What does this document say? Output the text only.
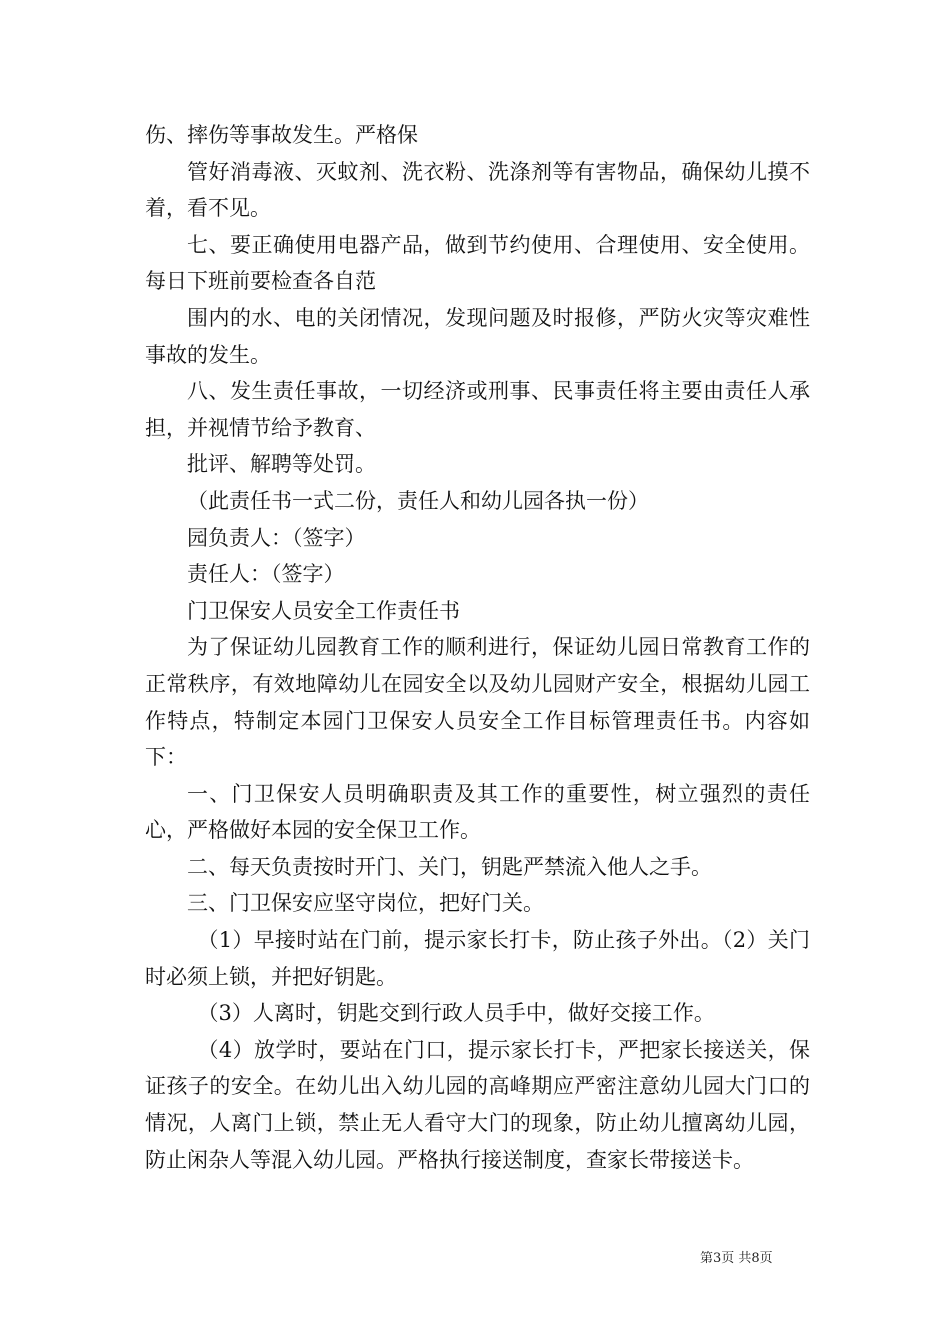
伤、摔伤等事故发生。严格保

管好消毒液、灭蚊剂、洗衣粉、洗涤剂等有害物品，确保幼儿摸不着，看不见。

七、要正确使用电器产品，做到节约使用、合理使用、安全使用。每日下班前要检查各自范

围内的水、电的关闭情况，发现问题及时报修，严防火灾等灾难性事故的发生。

八、发生责任事故，一切经济或刑事、民事责任将主要由责任人承担，并视情节给予教育、

批评、解聘等处罚。

（此责任书一式二份，责任人和幼儿园各执一份）

园负责人：（签字）

责任人：（签字）

门卫保安人员安全工作责任书

为了保证幼儿园教育工作的顺利进行，保证幼儿园日常教育工作的正常秩序，有效地障幼儿在园安全以及幼儿园财产安全，根据幼儿园工作特点，特制定本园门卫保安人员安全工作目标管理责任书。内容如下：

一、门卫保安人员明确职责及其工作的重要性，树立强烈的责任心，严格做好本园的安全保卫工作。

二、每天负责按时开门、关门，钥匙严禁流入他人之手。

三、门卫保安应坚守岗位，把好门关。

（1）早接时站在门前，提示家长打卡，防止孩子外出。（2）关门时必须上锁，并把好钥匙。

（3）人离时，钥匙交到行政人员手中，做好交接工作。

（4）放学时，要站在门口，提示家长打卡，严把家长接送关，保证孩子的安全。在幼儿出入幼儿园的高峰期应严密注意幼儿园大门口的情况，人离门上锁，禁止无人看守大门的现象，防止幼儿擅离幼儿园，防止闲杂人等混入幼儿园。严格执行接送制度，查家长带接送卡。

第3页 共8页
